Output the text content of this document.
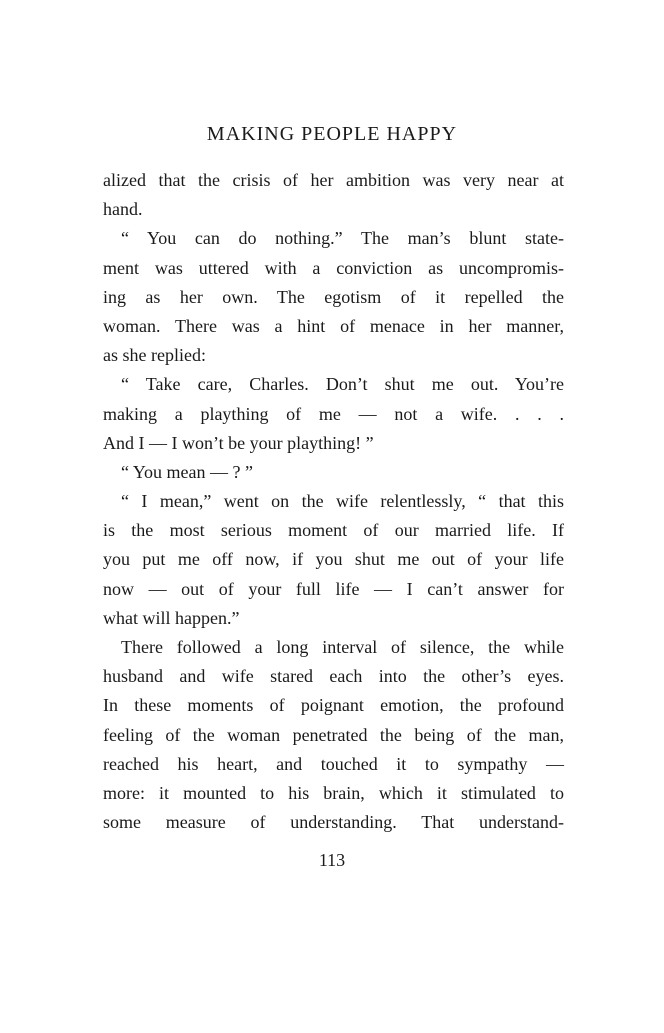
MAKING PEOPLE HAPPY
alized that the crisis of her ambition was very near at
hand.
“ You can do nothing.” The man’s blunt state-
ment was uttered with a conviction as uncompromis-
ing as her own. The egotism of it repelled the
woman. There was a hint of menace in her manner,
as she replied:
“ Take care, Charles. Don’t shut me out. You’re
making a plaything of me — not a wife. . . .
And I — I won’t be your plaything! ”
“ You mean — ? ”
“ I mean,” went on the wife relentlessly, “ that this
is the most serious moment of our married life. If
you put me off now, if you shut me out of your life
now — out of your full life — I can’t answer for
what will happen.”
There followed a long interval of silence, the while
husband and wife stared each into the other’s eyes.
In these moments of poignant emotion, the profound
feeling of the woman penetrated the being of the man,
reached his heart, and touched it to sympathy —
more: it mounted to his brain, which it stimulated to
some measure of understanding. That understand-
113
